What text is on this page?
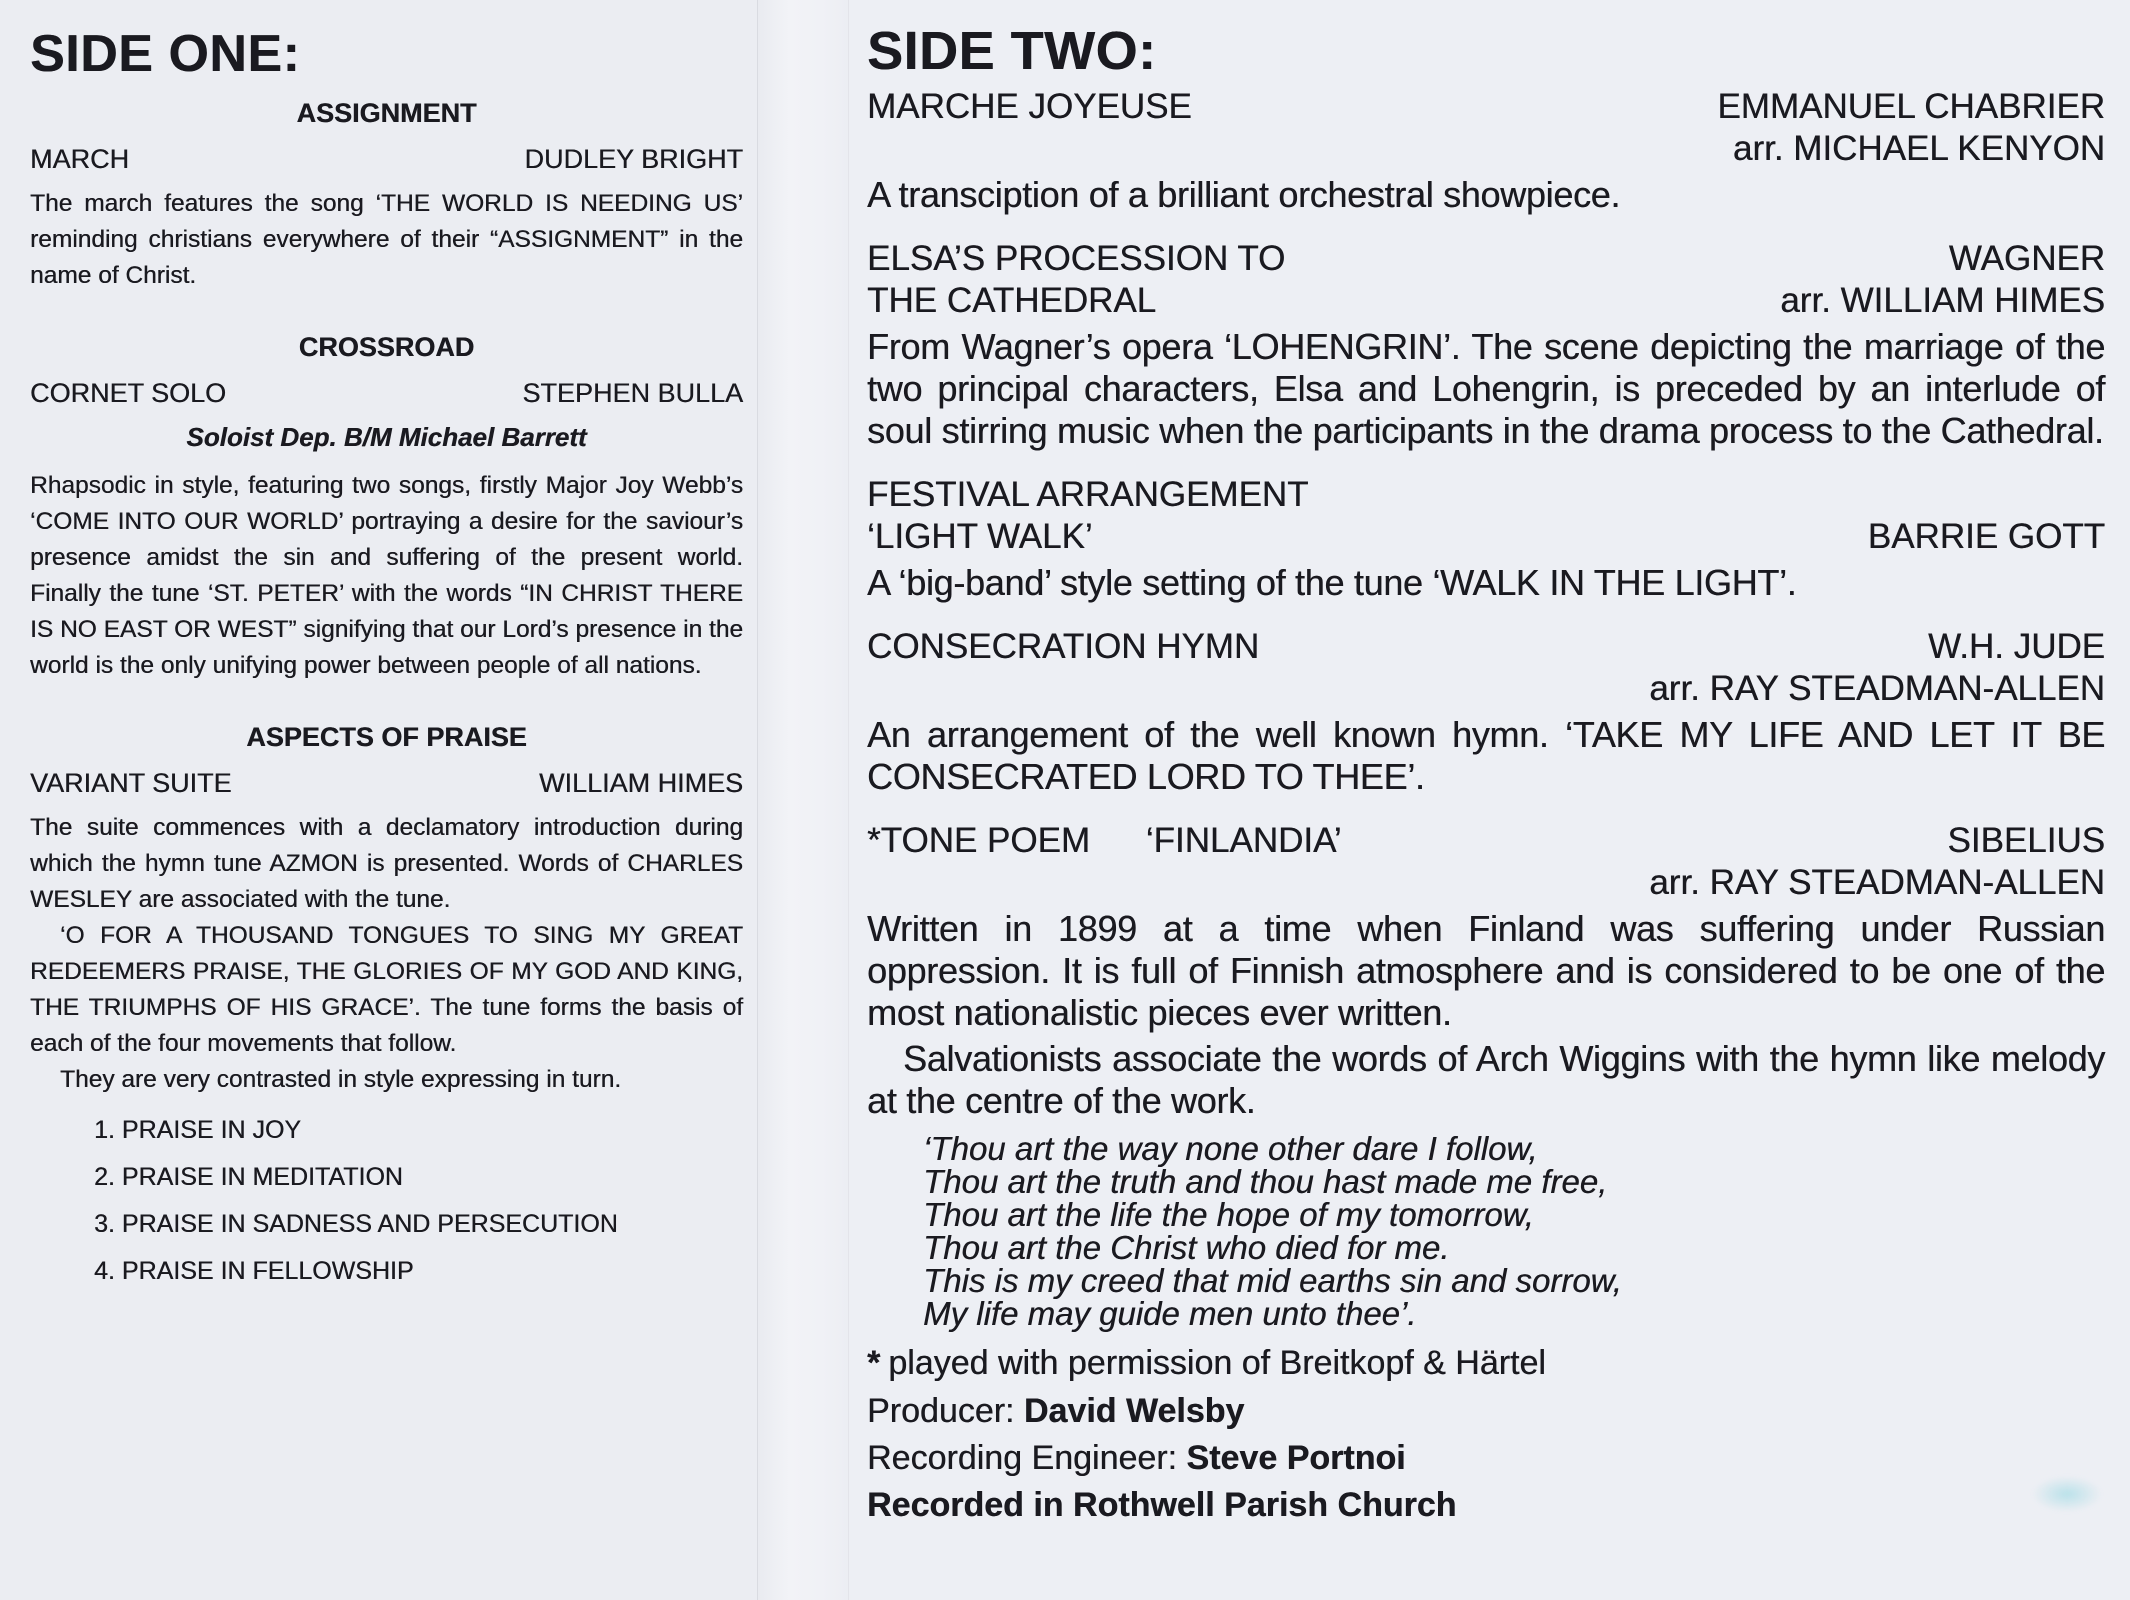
SIDE ONE:
ASSIGNMENT
MARCH	DUDLEY BRIGHT

The march features the song ‘THE WORLD IS NEEDING US’ reminding christians everywhere of their “ASSIGNMENT” in the name of Christ.

CROSSROAD
CORNET SOLO	STEPHEN BULLA
Soloist Dep. B/M Michael Barrett

Rhapsodic in style, featuring two songs, firstly Major Joy Webb’s ‘COME INTO OUR WORLD’ portraying a desire for the saviour’s presence amidst the sin and suffering of the present world. Finally the tune ‘ST. PETER’ with the words “IN CHRIST THERE IS NO EAST OR WEST” signifying that our Lord’s presence in the world is the only unifying power between people of all nations.

ASPECTS OF PRAISE
VARIANT SUITE	WILLIAM HIMES

The suite commences with a declamatory introduction during which the hymn tune AZMON is presented. Words of CHARLES WESLEY are associated with the tune.

‘O FOR A THOUSAND TONGUES TO SING MY GREAT REDEEMERS PRAISE, THE GLORIES OF MY GOD AND KING, THE TRIUMPHS OF HIS GRACE’. The tune forms the basis of each of the four movements that follow.

They are very contrasted in style expressing in turn.

1. PRAISE IN JOY
2. PRAISE IN MEDITATION
3. PRAISE IN SADNESS AND PERSECUTION
4. PRAISE IN FELLOWSHIP
SIDE TWO:
MARCHE JOYEUSE	EMMANUEL CHABRIER
arr. MICHAEL KENYON

A transciption of a brilliant orchestral showpiece.

ELSA’S PROCESSION TO	WAGNER
THE CATHEDRAL	arr. WILLIAM HIMES

From Wagner’s opera ‘LOHENGRIN’. The scene depicting the marriage of the two principal characters, Elsa and Lohengrin, is preceded by an interlude of soul stirring music when the participants in the drama process to the Cathedral.

FESTIVAL ARRANGEMENT
‘LIGHT WALK’	BARRIE GOTT

A ‘big-band’ style setting of the tune ‘WALK IN THE LIGHT’.

CONSECRATION HYMN	W.H. JUDE
arr. RAY STEADMAN-ALLEN

An arrangement of the well known hymn. ‘TAKE MY LIFE AND LET IT BE CONSECRATED LORD TO THEE’.

*TONE POEM ‘FINLANDIA’	SIBELIUS
arr. RAY STEADMAN-ALLEN

Written in 1899 at a time when Finland was suffering under Russian oppression. It is full of Finnish atmosphere and is considered to be one of the most nationalistic pieces ever written.

Salvationists associate the words of Arch Wiggins with the hymn like melody at the centre of the work.

‘Thou art the way none other dare I follow,
Thou art the truth and thou hast made me free,
Thou art the life the hope of my tomorrow,
Thou art the Christ who died for me.
This is my creed that mid earths sin and sorrow,
My life may guide men unto thee’.
* played with permission of Breitkopf & Härtel
Producer: David Welsby
Recording Engineer: Steve Portnoi
Recorded in Rothwell Parish Church
